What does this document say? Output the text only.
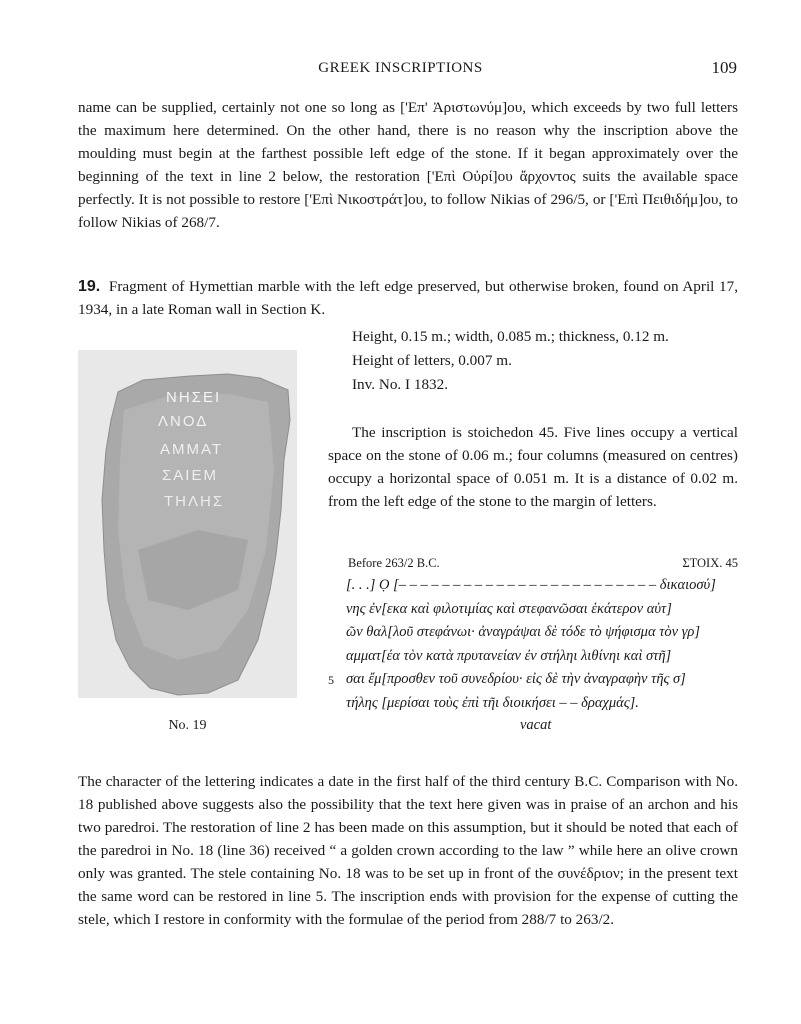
GREEK INSCRIPTIONS	109

name can be supplied, certainly not one so long as ['Επ' Ἀριστωνύμ]ου, which exceeds by two full letters the maximum here determined. On the other hand, there is no reason why the inscription above the moulding must begin at the farthest possible left edge of the stone. If it began approximately over the beginning of the text in line 2 below, the restoration ['Επὶ Οὐρί]ου ἄρχοντος suits the available space perfectly. It is not possible to restore ['Επὶ Νικοστράτ]ου, to follow Nikias of 296/5, or ['Επὶ Πειθιδήμ]ου, to follow Nikias of 268/7.

19. Fragment of Hymettian marble with the left edge preserved, but otherwise broken, found on April 17, 1934, in a late Roman wall in Section K.

ΝΗΣΕΙ
ΛΝΟΔ
ΑΜΜΑΤ
ΣΑΙΕΜ
ΤΗΛΗΣ
No. 19

Height, 0.15 m.; width, 0.085 m.; thickness, 0.12 m.

Height of letters, 0.007 m.

Inv. No. I 1832.

The inscription is stoichedon 45. Five lines occupy a vertical space on the stone of 0.06 m.; four columns (measured on centres) occupy a horizontal space of 0.051 m. It is a distance of 0.02 m. from the left edge of the stone to the margin of letters.

Before 263/2 B.C.	ΣΤΟΙΧ. 45
[. . .] Ọ [– – – – – – – – – – – – – – – – – – – – – – – – δικαιοσύ]
νης ἐν[εκα καὶ φιλοτιμίας καὶ στεφανῶσαι ἑκάτερον αὐτ]
ῶν θαλ[λοῦ στεφάνωι· ἀναγράψαι δὲ τόδε τὸ ψήφισμα τὸν γρ]
αμματ[έα τὸν κατὰ πρυτανείαν ἐν στήληι λιθίνηι καὶ στῆ]
5 σαι ἔμ[προσθεν τοῦ συνεδρίου· εἰς δὲ τὴν ἀναγραφὴν τῆς σ]
τήλης [μερίσαι τοὺς ἐπὶ τῆι διοικήσει – – δραχμάς].
vacat

The character of the lettering indicates a date in the first half of the third century B.C. Comparison with No. 18 published above suggests also the possibility that the text here given was in praise of an archon and his two paredroi. The restoration of line 2 has been made on this assumption, but it should be noted that each of the paredroi in No. 18 (line 36) received “ a golden crown according to the law ” while here an olive crown only was granted. The stele containing No. 18 was to be set up in front of the συνέδριον; in the present text the same word can be restored in line 5. The inscription ends with provision for the expense of cutting the stele, which I restore in conformity with the formulae of the period from 288/7 to 263/2.
